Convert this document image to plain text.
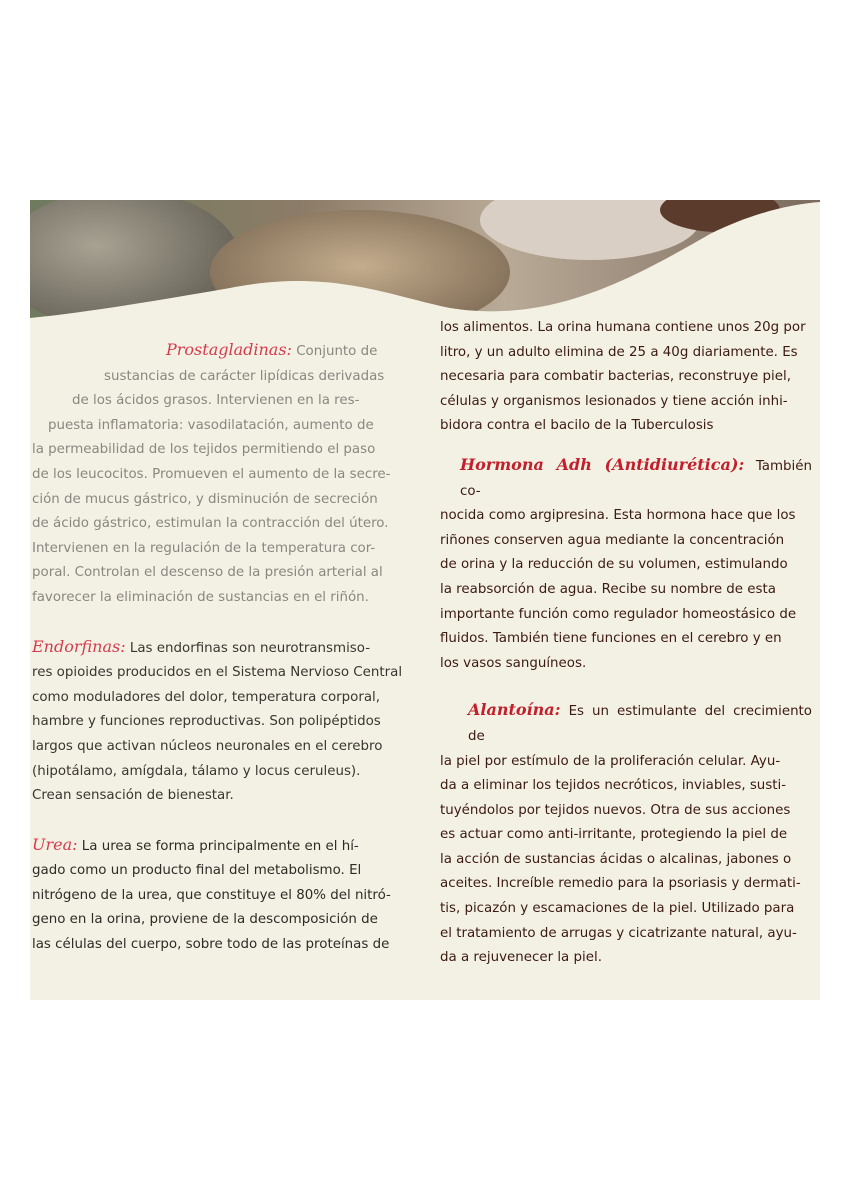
Prostagladinas: Conjunto de

sustancias de carácter lipídicas derivadas
de los ácidos grasos. Intervienen en la res-
puesta inflamatoria: vasodilatación, aumento de
la permeabilidad de los tejidos permitiendo el paso
de los leucocitos. Promueven el aumento de la secre-
ción de mucus gástrico, y disminución de secreción
de ácido gástrico, estimulan la contracción del útero.
Intervienen en la regulación de la temperatura cor-
poral. Controlan el descenso de la presión arterial al
favorecer la eliminación de sustancias en el riñón.

Endorfinas: Las endorfinas son neurotransmiso-
res opioides producidos en el Sistema Nervioso Central
como moduladores del dolor, temperatura corporal,
hambre y funciones reproductivas. Son polipéptidos
largos que activan núcleos neuronales en el cerebro
(hipotálamo, amígdala, tálamo y locus ceruleus).
Crean sensación de bienestar.

Urea: La urea se forma principalmente en el hí-
gado como un producto final del metabolismo. El
nitrógeno de la urea, que constituye el 80% del nitró-
geno en la orina, proviene de la descomposición de
las células del cuerpo, sobre todo de las proteínas de

los alimentos. La orina humana contiene unos 20g por
litro, y un adulto elimina de 25 a 40g diariamente. Es
necesaria para combatir bacterias, reconstruye piel,
células y organismos lesionados y tiene acción inhi-
bidora contra el bacilo de la Tuberculosis

Hormona Adh (Antidiurética): También co-
nocida como argipresina. Esta hormona hace que los
riñones conserven agua mediante la concentración
de orina y la reducción de su volumen, estimulando
la reabsorción de agua. Recibe su nombre de esta
importante función como regulador homeostásico de
fluidos. También tiene funciones en el cerebro y en
los vasos sanguíneos.

Alantoína: Es un estimulante del crecimiento de
la piel por estímulo de la proliferación celular. Ayu-
da a eliminar los tejidos necróticos, inviables, susti-
tuyéndolos por tejidos nuevos. Otra de sus acciones
es actuar como anti-irritante, protegiendo la piel de
la acción de sustancias ácidas o alcalinas, jabones o
aceites. Increíble remedio para la psoriasis y dermati-
tis, picazón y escamaciones de la piel. Utilizado para
el tratamiento de arrugas y cicatrizante natural, ayu-
da a rejuvenecer la piel.
